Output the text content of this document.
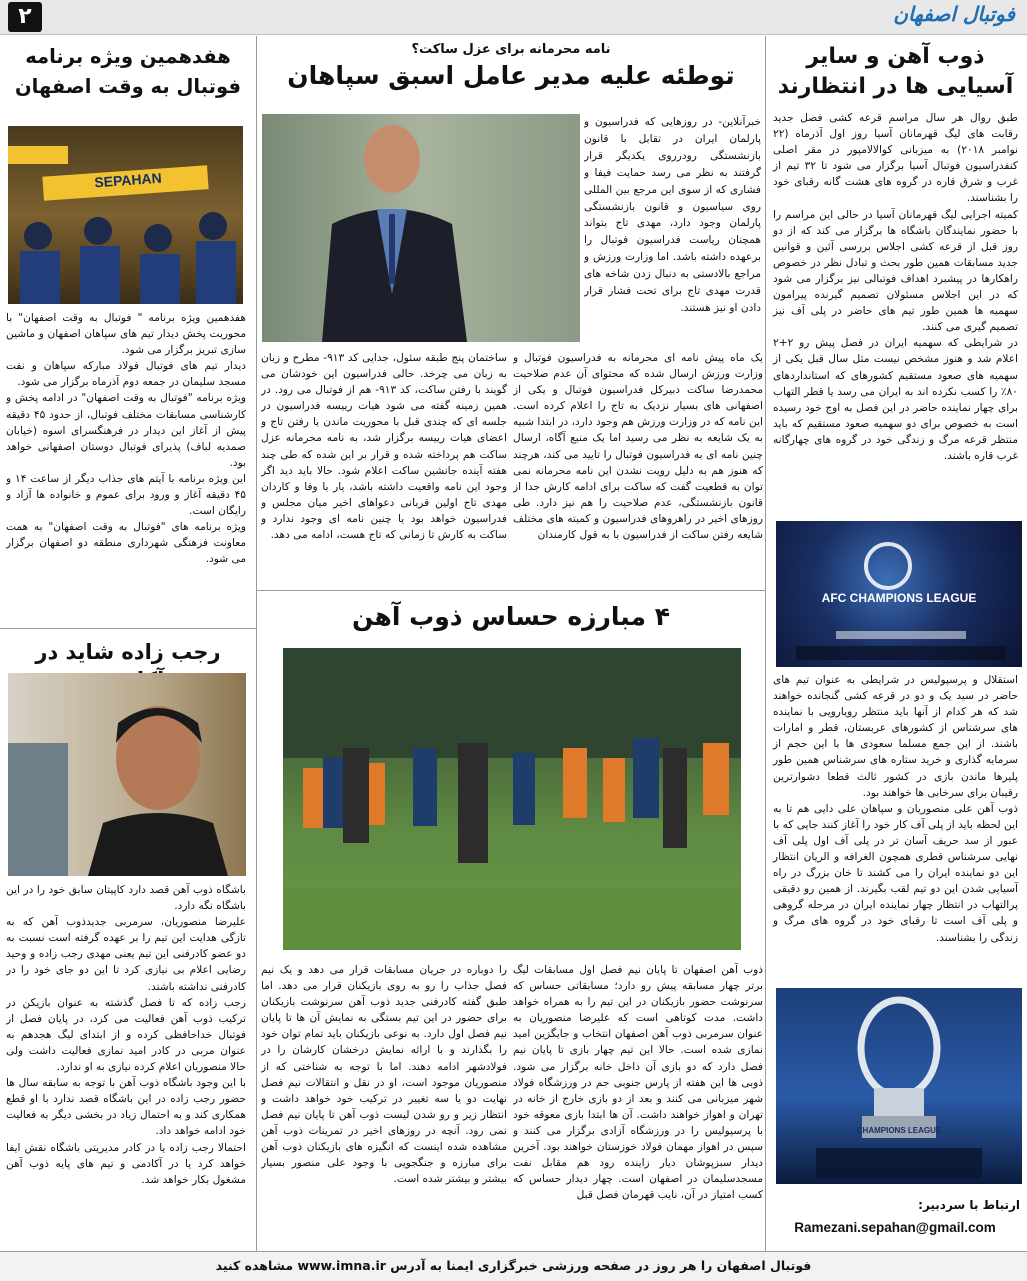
۲	فوتبال اصفهان
ذوب آهن و سایر آسیایی ها در انتظارند

طبق روال هر سال مراسم قرعه کشی فصل جدید رقابت های لیگ قهرمانان آسیا روز اول آذرماه (۲۲ نوامبر ۲۰۱۸) به میزبانی کوالالامپور در مقر اصلی کنفدراسیون فوتبال آسیا برگزار می شود تا ۳۲ تیم از غرب و شرق قاره در گروه های هشت گانه رقبای خود را بشناسند.

کمیته اجرایی لیگ قهرمانان آسیا در حالی این مراسم را با حضور نمایندگان باشگاه ها برگزار می کند که از دو روز قبل از قرعه کشی اجلاس بررسی آئین و قوانین جدید مسابقات همین طور بحث و تبادل نظر در خصوص راهکارها در پیشبرد اهداف فوتبالی نیز برگزار می شود که در این اجلاس مسئولان تصمیم گیرنده پیرامون سهمیه ها همین طور تیم های حاضر در پلی آف نیز تصمیم گیری می کنند.

در شرایطی که سهمیه ایران در فصل پیش رو ۲+۲ اعلام شد و هنوز مشخص نیست مثل سال قبل یکی از سهمیه های صعود مستقیم کشورهای که استانداردهای ۸۰٪ را کسب نکرده اند به ایران می رسد یا قطر التهاب برای چهار نماینده حاضر در این فصل به اوج خود رسیده است به خصوص برای دو سهمیه صعود مستقیم که باید منتظر قرعه مرگ و زندگی خود در گروه های چهارگانه غرب قاره باشند.

AFC CHAMPIONS LEAGUE

استقلال و پرسپولیس در شرایطی به عنوان تیم های حاضر در سید یک و دو در قرعه کشی گنجانده خواهند شد که هر کدام از آنها باید منتظر رویارویی با نماینده های سرشناس از کشورهای عربستان، قطر و امارات باشند. از این جمع مسلما سعودی ها با این حجم از سرمایه گذاری و خرید ستاره های سرشناس همین طور پلیرها ماندن بازی در کشور ثالث قطعا دشوارترین رقیبان برای سرخابی ها خواهند بود.

ذوب آهن علی منصوریان و سپاهان علی دایی هم تا به این لحظه باید از پلی آف کار خود را آغاز کنند جایی که با عبور از سد حریف آسان تر در پلی آف اول پلی آف نهایی سرشناس قطری همچون الغرافه و الریان انتظار این دو نماینده ایران را می کشند تا خان بزرگ در راه آسیایی شدن این دو تیم لقب بگیرند. از همین رو دقیقی پرالتهاب در انتظار چهار نماینده ایران در مرحله گروهی و پلی آف است تا رقبای خود در گروه های مرگ و زندگی را بشناسند.

CHAMPIONS LEAGUE
ارتباط با سردبیر:
Ramezani.sepahan@gmail.com
نامه محرمانه برای عزل ساکت؟
توطئه علیه مدیر عامل اسبق سپاهان

خبرآنلاین- در روزهایی که فدراسیون و پارلمان ایران در تقابل با قانون بازنشستگی رودرروی یکدیگر قرار گرفتند به نظر می رسد حمایت فیفا و فشاری که از سوی این مرجع بین المللی روی سیاسیون و قانون بازنشستگی پارلمان وجود دارد، مهدی تاج بتواند همچنان ریاست فدراسیون فوتبال را برعهده داشته باشد. اما وزارت ورزش و مراجع بالادستی به دنبال زدن شاخه های قدرت مهدی تاج برای تحت فشار قرار دادن او نیز هستند.

یک ماه پیش نامه ای محرمانه به فدراسیون فوتبال و وزارت ورزش ارسال شده که محتوای آن عدم صلاحیت محمدرضا ساکت دبیرکل فدراسیون فوتبال و یکی از اصفهانی های بسیار نزدیک به تاج را اعلام کرده است. این نامه که در وزارت ورزش هم وجود دارد، در ابتدا شبیه به یک شایعه به نظر می رسید اما یک منبع آگاه، ارسال چنین نامه ای به فدراسیون فوتبال را تایید می کند، هرچند که هنوز هم به دلیل رویت نشدن این نامه محرمانه نمی توان به قطعیت گفت که ساکت برای ادامه کارش جدا از قانون بازنشستگی، عدم صلاحیت را هم نیز دارد. طی روزهای اخیر در راهروهای فدراسیون و کمیته های مختلف شایعه رفتن ساکت از فدراسیون با به قول کارمندان

ساختمان پنج طبقه سئول، جدایی کد ۹۱۳- مطرح و زبان به زبان می چرخد. حالی فدراسیون این خودشان می گویند با رفتن ساکت، کد ۹۱۳- هم از فوتبال می رود. در همین زمینه گفته می شود هیات رییسه فدراسیون در جلسه ای که چندی قبل با محوریت ماندن یا رفتن تاج و اعضای هیات رییسه برگزار شد، به نامه محرمانه عزل ساکت هم پرداخته شده و قرار بر این شده که طی چند هفته آینده جانشین ساکت اعلام شود. حالا باید دید اگر وجود این نامه واقعیت داشته باشد، یار با وفا و کاردان مهدی تاج اولین قربانی دعواهای اخیر میان مجلس و فدراسیون خواهد بود یا چنین نامه ای وجود ندارد و ساکت به کارش تا زمانی که تاج هست، ادامه می دهد.

۴ مبارزه حساس ذوب آهن

ذوب آهن اصفهان تا پایان نیم فصل اول مسابقات لیگ برتر چهار مسابقه پیش رو دارد؛ مسابقاتی حساس که سرنوشت حضور بازیکنان در این تیم را به همراه خواهد داشت. مدت کوتاهی است که علیرضا منصوریان به عنوان سرمربی ذوب آهن اصفهان انتخاب و جایگزین امید نمازی شده است. حالا این تیم چهار بازی تا پایان نیم فصل دارد که دو بازی آن داخل خانه برگزار می شود. ذوبی ها این هفته از پارس جنوبی جم در ورزشگاه فولاد شهر میزبانی می کنند و بعد از دو بازی خارج از خانه در تهران و اهواز خواهند داشت. آن ها ابتدا بازی معوقه خود با پرسپولیس را در ورزشگاه آزادی برگزار می کنند و سپس در اهواز مهمان فولاد خوزستان خواهند بود. آخرین دیدار سبزپوشان دیار زاینده رود هم مقابل نفت مسجدسلیمان در اصفهان است. چهار دیدار حساس که کسب امتیاز در آن، نایب قهرمان فصل قبل

را دوباره در جریان مسابقات قرار می دهد و یک نیم فصل جذاب را رو به روی بازیکنان قرار می دهد. اما طبق گفته کادرفنی جدید ذوب آهن سرنوشت بازیکنان برای حضور در این تیم بستگی به نمایش آن ها تا پایان نیم فصل اول دارد. به نوعی بازیکنان باید تمام توان خود را بگذارند و با ارائه نمایش درخشان کارشان را در فولادشهر ادامه دهند. اما با توجه به شناختی که از منصوریان موجود است، او در نقل و انتقالات نیم فصل نهایت دو یا سه تغییر در ترکیب خود خواهد داشت و انتظار زیر و رو شدن لیست ذوب آهن تا پایان نیم فصل نمی رود. آنچه در روزهای اخیر در تمرینات ذوب آهن مشاهده شده اینست که انگیزه های بازیکنان ذوب آهن برای مبارزه و جنگجویی با وجود علی منصور بسیار بیشتر و بیشتر شده است.

هفدهمین ویژه برنامه فوتبال به وقت اصفهان
SEPAHAN

هفدهمین ویژه برنامه " فوتبال به وقت اصفهان" با محوریت پخش دیدار تیم های سپاهان اصفهان و ماشین سازی تبریز برگزار می شود.

دیدار تیم های فوتبال فولاد مبارکه سپاهان و نفت مسجد سلیمان در جمعه دوم آذرماه برگزار می شود.

ویژه برنامه "فوتبال به وقت اصفهان" در ادامه پخش و کارشناسی مسابقات مختلف فوتبال، از حدود ۴۵ دقیقه پیش از آغاز این دیدار در فرهنگسرای اسوه (خیابان صمدیه لباف) پذیرای فوتبال دوستان اصفهانی خواهد بود.

این ویژه برنامه با آیتم های جذاب دیگر از ساعت ۱۴ و ۴۵ دقیقه آغاز و ورود برای عموم و خانواده ها آزاد و رایگان است.

ویژه برنامه های "فوتبال به وقت اصفهان" به همت معاونت فرهنگی شهرداری منطقه دو اصفهان برگزار می شود.

رجب زاده شاید در

باشگاه ذوب آهن قصد دارد کاپیتان سابق خود را در این باشگاه نگه دارد.

علیرضا منصوریان، سرمربی جدیدذوب آهن که به تازگی هدایت این تیم را بر عهده گرفته است نسبت به دو عضو کادرفنی این تیم یعنی مهدی رجب زاده و وحید رضایی اعلام بی نیازی کرد تا این دو جای خود را در کادرفنی نداشته باشند.

رجب زاده که تا فصل گذشته به عنوان بازیکن در ترکیب ذوب آهن فعالیت می کرد، در پایان فصل از فوتبال خداحافظی کرده و از ابتدای لیگ هجدهم به عنوان مربی در کادر امید نمازی فعالیت داشت ولی حالا منصوریان اعلام کرده نیازی به او ندارد.

با این وجود باشگاه ذوب آهن با توجه به سابقه سال ها حضور رجب زاده در این باشگاه قصد ندارد با او قطع همکاری کند و به احتمال زیاد در بخشی دیگر به فعالیت خود ادامه خواهد داد.

احتمالا رجب زاده یا در کادر مدیریتی باشگاه نقش ایفا خواهد کرد یا در آکادمی و تیم های پایه ذوب آهن مشغول بکار خواهد شد.

فوتبال اصفهان را هر روز در صفحه ورزشی خبرگزاری ایمنا به آدرس www.imna.ir مشاهده کنید
